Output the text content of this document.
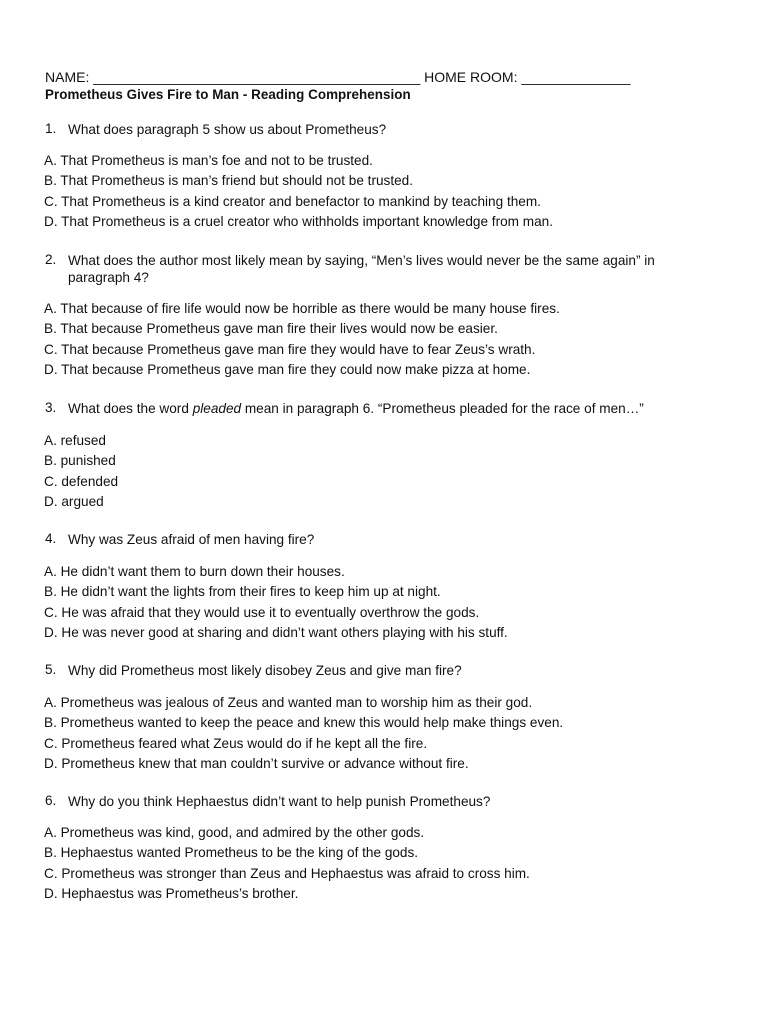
NAME: __________________________________________ HOME ROOM: ______________
Prometheus Gives Fire to Man - Reading Comprehension
1. What does paragraph 5 show us about Prometheus?
A. That Prometheus is man’s foe and not to be trusted.
B. That Prometheus is man’s friend but should not be trusted.
C. That Prometheus is a kind creator and benefactor to mankind by teaching them.
D. That Prometheus is a cruel creator who withholds important knowledge from man.
2. What does the author most likely mean by saying, “Men’s lives would never be the same again” in paragraph 4?
A. That because of fire life would now be horrible as there would be many house fires.
B. That because Prometheus gave man fire their lives would now be easier.
C. That because Prometheus gave man fire they would have to fear Zeus’s wrath.
D. That because Prometheus gave man fire they could now make pizza at home.
3. What does the word pleaded mean in paragraph 6. “Prometheus pleaded for the race of men…”
A. refused
B. punished
C. defended
D. argued
4. Why was Zeus afraid of men having fire?
A. He didn’t want them to burn down their houses.
B. He didn’t want the lights from their fires to keep him up at night.
C. He was afraid that they would use it to eventually overthrow the gods.
D. He was never good at sharing and didn’t want others playing with his stuff.
5. Why did Prometheus most likely disobey Zeus and give man fire?
A. Prometheus was jealous of Zeus and wanted man to worship him as their god.
B. Prometheus wanted to keep the peace and knew this would help make things even.
C. Prometheus feared what Zeus would do if he kept all the fire.
D. Prometheus knew that man couldn’t survive or advance without fire.
6. Why do you think Hephaestus didn’t want to help punish Prometheus?
A. Prometheus was kind, good, and admired by the other gods.
B. Hephaestus wanted Prometheus to be the king of the gods.
C. Prometheus was stronger than Zeus and Hephaestus was afraid to cross him.
D. Hephaestus was Prometheus’s brother.
